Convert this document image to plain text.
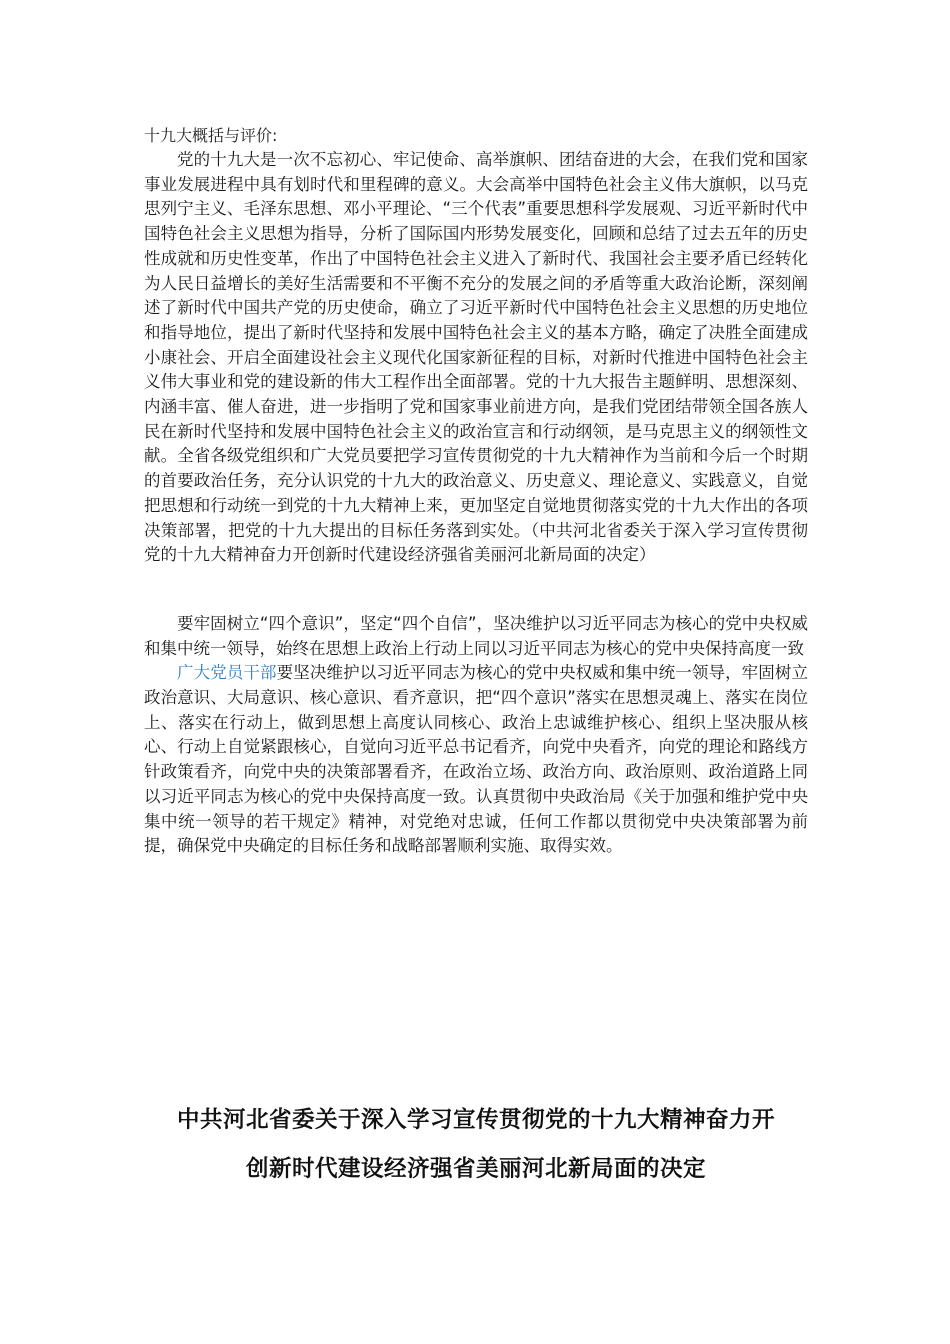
十九大概括与评价:

党的十九大是一次不忘初心、牢记使命、高举旗帜、团结奋进的大会，在我们党和国家事业发展进程中具有划时代和里程碑的意义。大会高举中国特色社会主义伟大旗帜，以马克思列宁主义、毛泽东思想、邓小平理论、“三个代表”重要思想科学发展观、习近平新时代中国特色社会主义思想为指导，分析了国际国内形势发展变化，回顾和总结了过去五年的历史性成就和历史性变革，作出了中国特色社会主义进入了新时代、我国社会主要矛盾已经转化为人民日益增长的美好生活需要和不平衡不充分的发展之间的矛盾等重大政治论断，深刻阐述了新时代中国共产党的历史使命，确立了习近平新时代中国特色社会主义思想的历史地位和指导地位，提出了新时代坚持和发展中国特色社会主义的基本方略，确定了决胜全面建成小康社会、开启全面建设社会主义现代化国家新征程的目标，对新时代推进中国特色社会主义伟大事业和党的建设新的伟大工程作出全面部署。党的十九大报告主题鲜明、思想深刻、内涵丰富、催人奋进，进一步指明了党和国家事业前进方向，是我们党团结带领全国各族人民在新时代坚持和发展中国特色社会主义的政治宣言和行动纲领，是马克思主义的纲领性文献。全省各级党组织和广大党员要把学习宣传贯彻党的十九大精神作为当前和今后一个时期的首要政治任务，充分认识党的十九大的政治意义、历史意义、理论意义、实践意义，自觉把思想和行动统一到党的十九大精神上来，更加坚定自觉地贯彻落实党的十九大作出的各项决策部署，把党的十九大提出的目标任务落到实处。（中共河北省委关于深入学习宣传贯彻党的十九大精神奋力开创新时代建设经济强省美丽河北新局面的决定）

要牢固树立“四个意识”，坚定“四个自信”，坚决维护以习近平同志为核心的党中央权威和集中统一领导，始终在思想上政治上行动上同以习近平同志为核心的党中央保持高度一致

广大党员干部要坚决维护以习近平同志为核心的党中央权威和集中统一领导，牢固树立政治意识、大局意识、核心意识、看齐意识，把“四个意识”落实在思想灵魂上、落实在岗位上、落实在行动上，做到思想上高度认同核心、政治上忠诚维护核心、组织上坚决服从核心、行动上自觉紧跟核心，自觉向习近平总书记看齐，向党中央看齐，向党的理论和路线方针政策看齐，向党中央的决策部署看齐，在政治立场、政治方向、政治原则、政治道路上同以习近平同志为核心的党中央保持高度一致。认真贯彻中央政治局《关于加强和维护党中央集中统一领导的若干规定》精神，对党绝对忠诚，任何工作都以贯彻党中央决策部署为前提，确保党中央确定的目标任务和战略部署顺利实施、取得实效。

中共河北省委关于深入学习宣传贯彻党的十九大精神奋力开

创新时代建设经济强省美丽河北新局面的决定
